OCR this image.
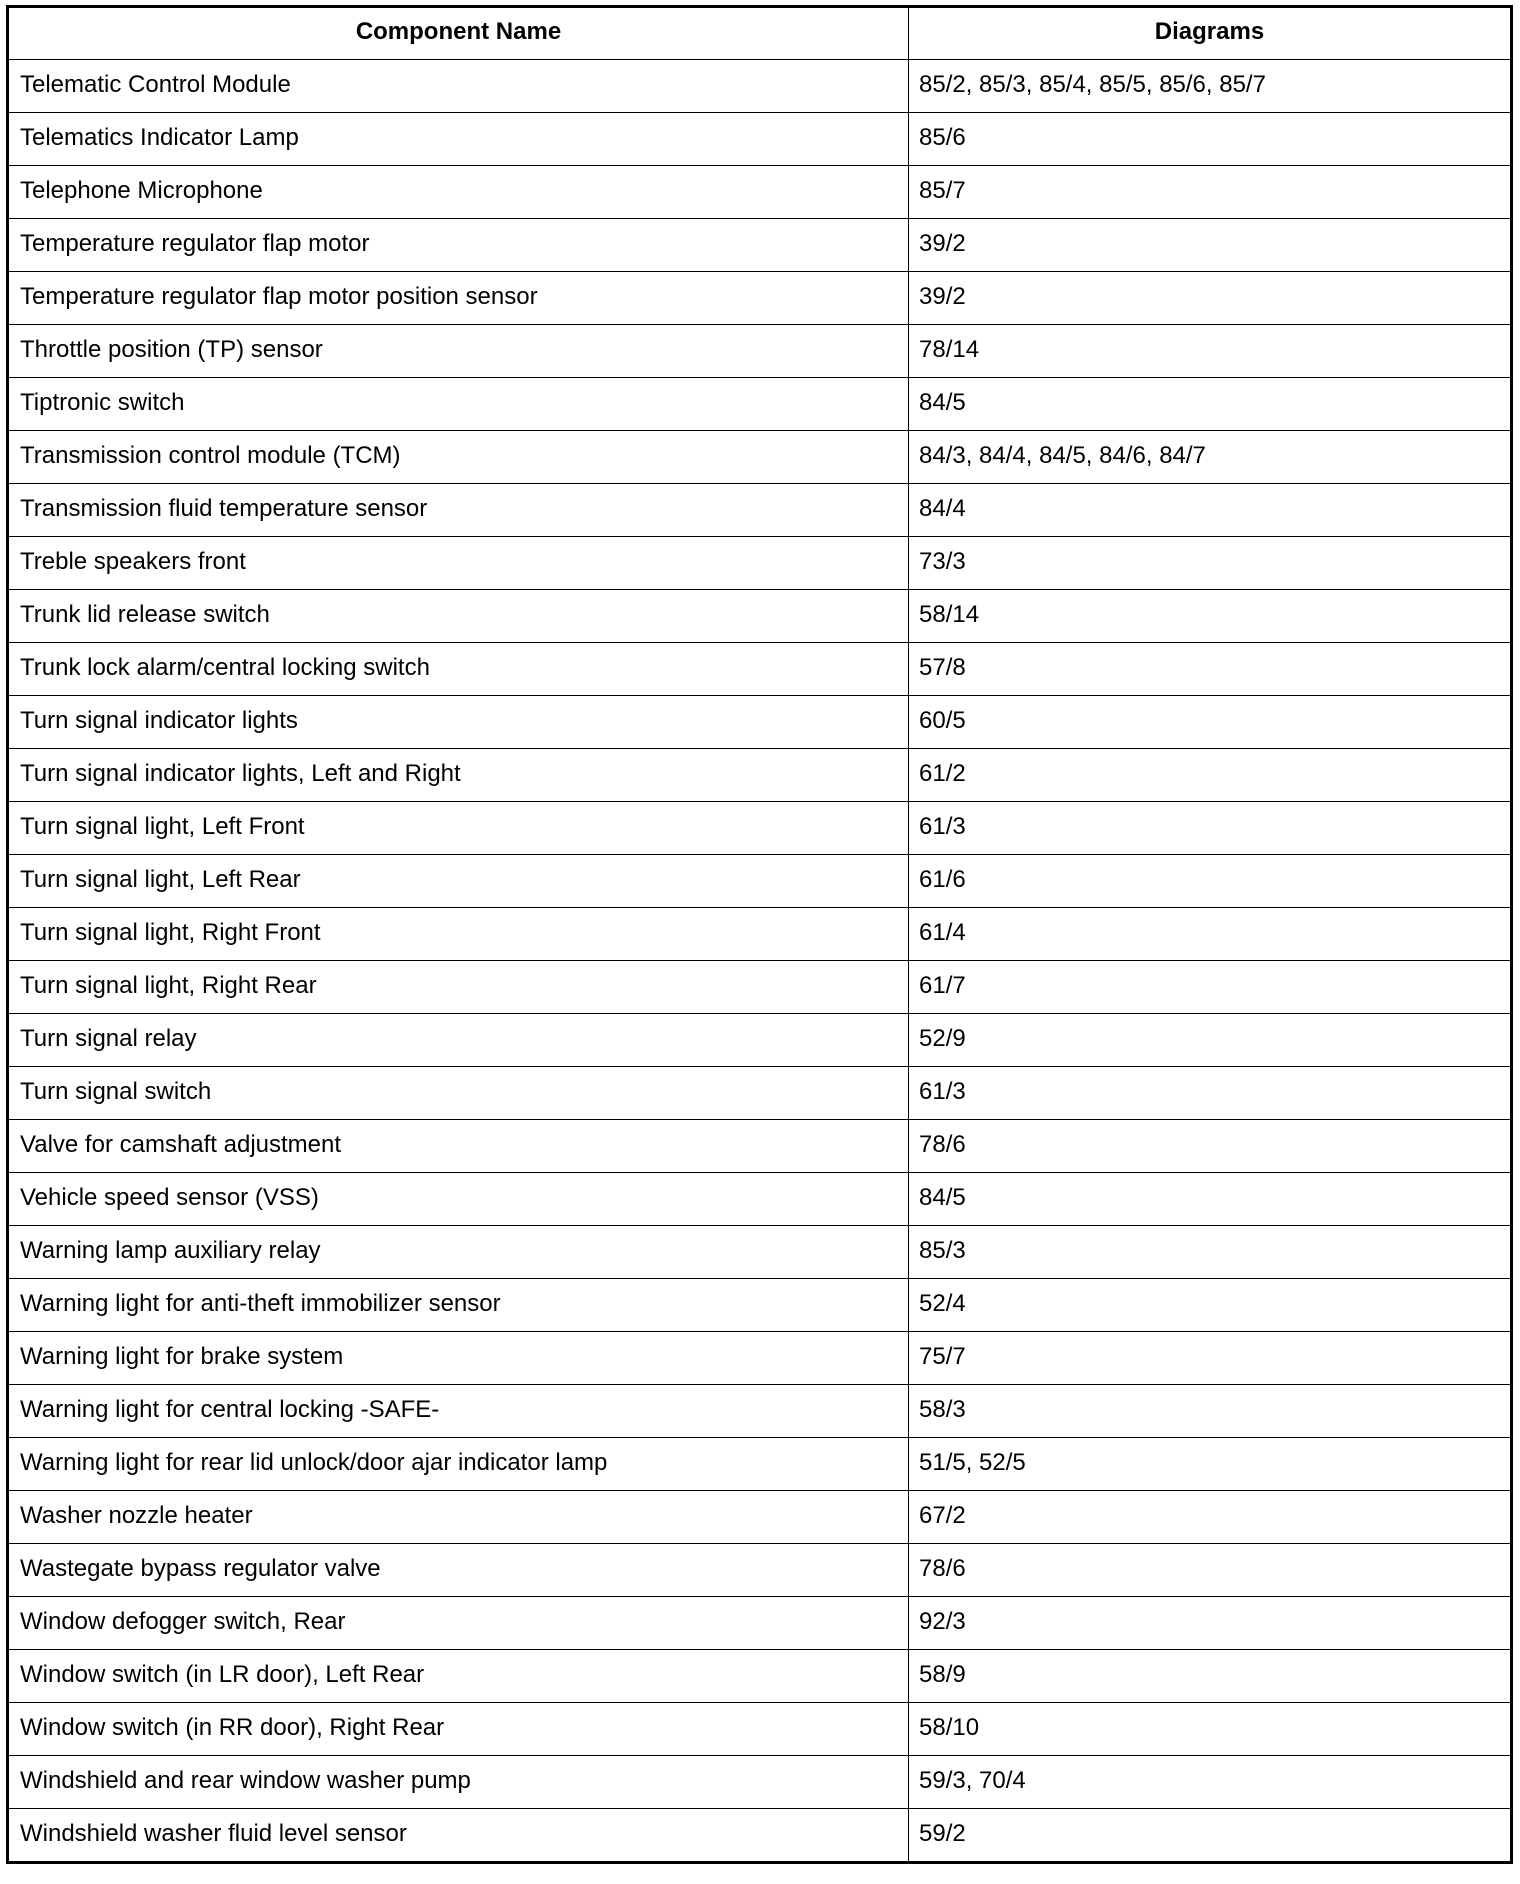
Component Name	Diagrams
Telematic Control Module	85/2, 85/3, 85/4, 85/5, 85/6, 85/7
Telematics Indicator Lamp	85/6
Telephone Microphone	85/7
Temperature regulator flap motor	39/2
Temperature regulator flap motor position sensor	39/2
Throttle position (TP) sensor	78/14
Tiptronic switch	84/5
Transmission control module (TCM)	84/3, 84/4, 84/5, 84/6, 84/7
Transmission fluid temperature sensor	84/4
Treble speakers front	73/3
Trunk lid release switch	58/14
Trunk lock alarm/central locking switch	57/8
Turn signal indicator lights	60/5
Turn signal indicator lights, Left and Right	61/2
Turn signal light, Left Front	61/3
Turn signal light, Left Rear	61/6
Turn signal light, Right Front	61/4
Turn signal light, Right Rear	61/7
Turn signal relay	52/9
Turn signal switch	61/3
Valve for camshaft adjustment	78/6
Vehicle speed sensor (VSS)	84/5
Warning lamp auxiliary relay	85/3
Warning light for anti-theft immobilizer sensor	52/4
Warning light for brake system	75/7
Warning light for central locking -SAFE-	58/3
Warning light for rear lid unlock/door ajar indicator lamp	51/5, 52/5
Washer nozzle heater	67/2
Wastegate bypass regulator valve	78/6
Window defogger switch, Rear	92/3
Window switch (in LR door), Left Rear	58/9
Window switch (in RR door), Right Rear	58/10
Windshield and rear window washer pump	59/3, 70/4
Windshield washer fluid level sensor	59/2
